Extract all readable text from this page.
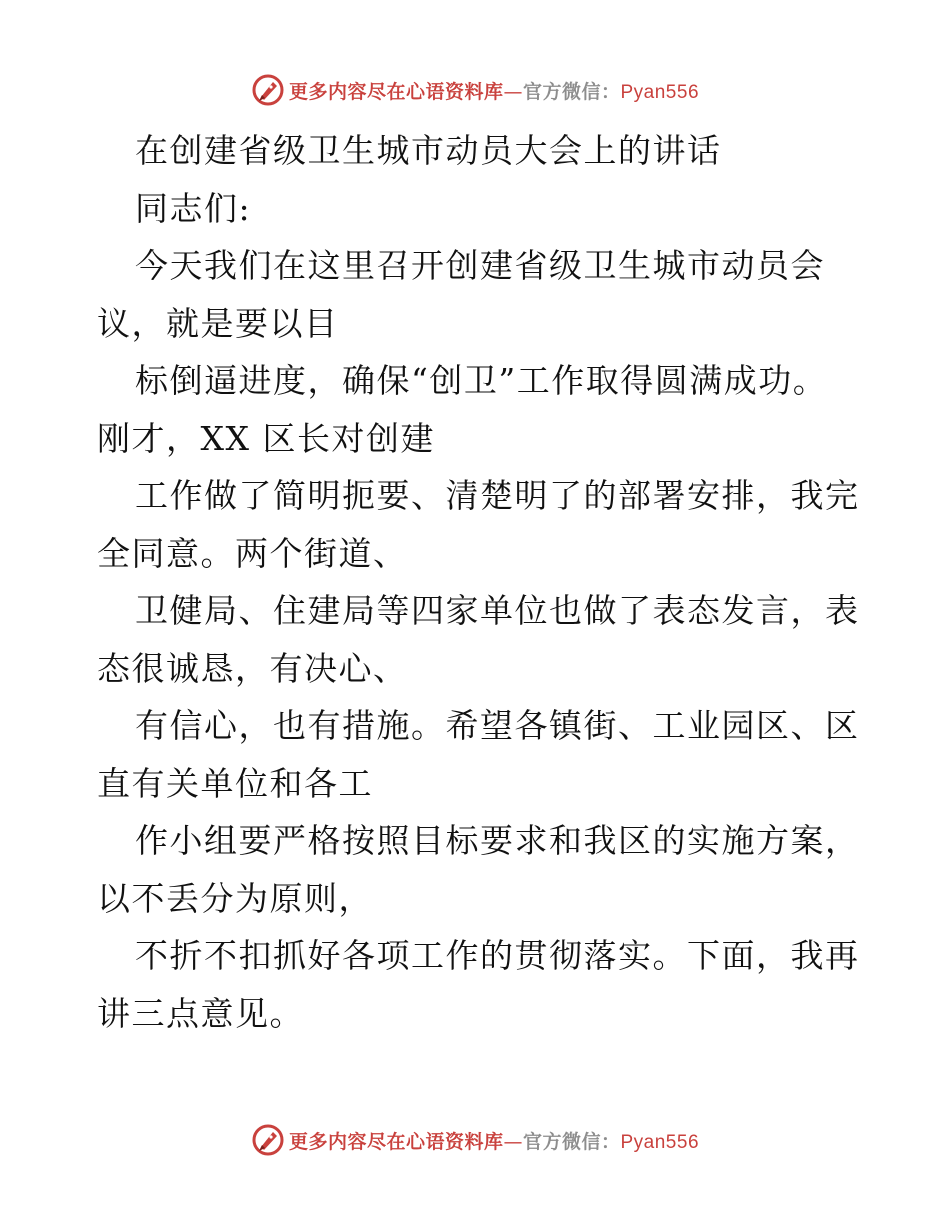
更多内容尽在心语资料库—官方微信：Pyan556
在创建省级卫生城市动员大会上的讲话
同志们:
今天我们在这里召开创建省级卫生城市动员会
议，就是要以目
标倒逼进度，确保“创卫”工作取得圆满成功。
刚才，XX 区长对创建
工作做了简明扼要、清楚明了的部署安排，我完
全同意。两个街道、
卫健局、住建局等四家单位也做了表态发言，表
态很诚恳，有决心、
有信心，也有措施。希望各镇街、工业园区、区
直有关单位和各工
作小组要严格按照目标要求和我区的实施方案，
以不丢分为原则，
不折不扣抓好各项工作的贯彻落实。下面，我再
讲三点意见。
更多内容尽在心语资料库—官方微信：Pyan556
